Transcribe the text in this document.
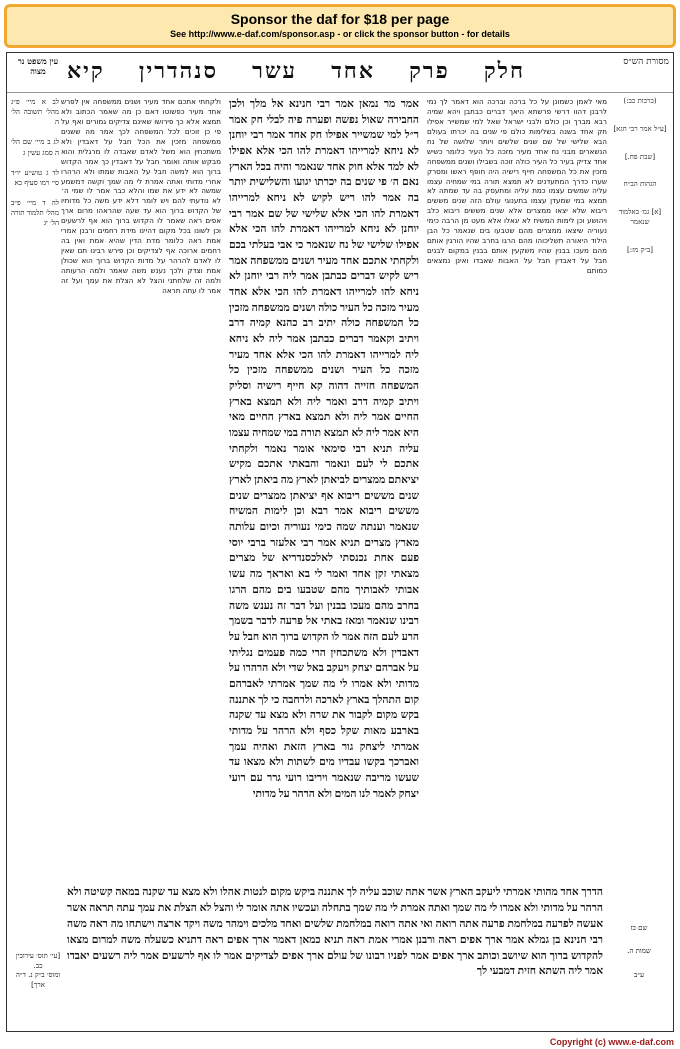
Sponsor the daf for $18 per page
See http://www.e-daf.com/sponsor.asp - or click the sponsor button - for details
מסורת הש״ס
חלק
פרק
אחד
עשר
סנהדרין
קיא
עין משפט נר מצוה
(ברכות כב:)
[ע״ל אמר רבי חגא]
[שבת פח.]
הגהות הב״ח
[א] גמ׳ באלמוד שנאמר
[ב״ק מז:]

מאי לאמן כשמונן על כל ברכה וברכה הוא דאמר לך נמי לרבנן דהוו דרשי פרשתא היאך דברים כבתבן ויהא שמיה רבא מברך וכן כולם ולבני ישראל שאל למי שמשייר אפילו חק אחד בשנה בשלימות כולם פי שנים בה יכרתו בעולם הבא שלישי של שם שנים שלשים ויותר שלושה של נח הנשארים מבני נח אחד מעיר מזכה כל העיר כלומר כשיש אחד צדיק בעיר כל העיר כולה זוכה בשבילו ושנים ממשפחה מזכין את כל המשפחה חייף רישיה היה חופף ראשו ומסרק שערו כדרך המתעדנים לא תמצא תורה במי שמחיה עצמו עליה שמשים עצמו כמת עליה ומתעסק בה עד שמתה לא תמצא במי שמעדן עצמו בתענוגי עולם הזה שנים מששים ריבוא שלא יצאו ממצרים אלא שנים מששים ריבוא כלב ויהושע וכן לימות המשיח לא יגאלו אלא מעט מן הרבה כימי נעוריה שיצאו ממצרים מהם שטבעו בים שנאמר כל הבן הילוד היאורה תשליכוהו מהם הרגו בחרב שהיו הורגין אותם מהם מעכו בבנין שהיו משקעין אותם בבנין במקום לבנים חבל על דאבדין חבל על האבות שאבדו ואינן נמצאים כמותם

אמר מר נמאן אמר רבי חנינא אל מלך ולכן החבירה שאול נפשה ופערה פיה לבלי חק אמר ר״ל למי שמשייר אפילו חק אחד אמר רבי יוחנן לא ניחא למרייהו דאמרת להו הכי אלא אפילו לא למד אלא חוק אחד שנאמר והיה בכל הארץ נאם ה׳ פי שנים בה יכרתו יגועו והשלישית יותר בה אמר להו ריש לקיש לא ניחא למרייהו דאמרת להו הכי אלא שלישי של שם אמר רבי יוחנן לא ניחא למרייהו דאמרת להו הכי אלא אפילו שלישי של נח שנאמר כי אבי בעלתי בכם ולקחתי אתכם אחד מעיר ושנים ממשפחה אמר ריש לקיש דברים כבתבן אמר ליה רבי יוחנן לא ניחא להו למרייהו דאמרת להו הכי אלא אחד מעיר מזכה כל העיר כולה ושנים ממשפחה מזכין כל המשפחה כולה יתיב רב כהנא קמיה דרב ויתיב וקאמר דברים כבתבן אמר ליה לא ניחא ליה למרייהו דאמרת להו הכי אלא אחד מעיר מזכה כל העיר ושנים ממשפחה מזכין כל המשפחה חזייה דהוה קא חייף רישיה וסליק ויתיב קמיה דרב ואמר ליה ולא תמצא בארץ החיים אמר ליה ולא תמצא בארץ החיים מאי היא אמר ליה לא תמצא תורה במי שמחיה עצמו עליה תניא רבי סימאי אומר נאמר ולקחתי אתכם לי לעם ונאמר והבאתי אתכם מקיש יציאתם ממצרים לביאתן לארץ מה ביאתן לארץ שנים מששים ריבוא אף יציאתן ממצרים שנים מששים ריבוא אמר רבא וכן לימות המשיח שנאמר וענתה שמה כימי נעוריה וכיום עלותה מארץ מצרים תניא אמר רבי אלעזר ברבי יוסי פעם אחת נכנסתי לאלכסנדריא של מצרים מצאתי זקן אחד ואמר לי בא ואראך מה עשו אבותי לאבותיך מהם שטבעו בים מהם הרגו בחרב מהם מעכו בבנין ועל דבר זה נענש משה רבינו שנאמר ומאז באתי אל פרעה לדבר בשמך הרע לעם הזה אמר לו הקדוש ברוך הוא חבל על דאבדין ולא משתכחין הרי כמה פעמים נגליתי על אברהם יצחק ויעקב באל שדי ולא הרהרו על מדותי ולא אמרו לי מה שמך אמרתי לאברהם קום התהלך בארץ לארכה ולרחבה כי לך אתננה בקש מקום לקבור את שרה ולא מצא עד שקנה בארבע מאות שקל כסף ולא הרהר על מדותי אמרתי ליצחק גור בארץ הזאת ואהיה עמך ואברכך בקשו עבדיו מים לשתות ולא מצאו עד שעשו מריבה שנאמר ויריבו רועי גרר עם רועי יצחק לאמר לנו המים ולא הרהר על מדותי

ולקחתי אתכם אחד מעיר ושנים ממשפחה אין לפרש אחד מעיר כפשוטו דאם כן מה שאמר הכתוב ולא תמצא אלא כך פירושו שאינם צדיקים גמורים ואף על פי כן זוכים לכל המשפחה לכך אמר מה ששנים ממשפחה מזכין את הכל חבל על דאבדין ולא משתכחין הוא משל לאדם שאבדה לו מרגלית והוא מבקש אותה ואומר חבל על דאבדין כך אמר הקדוש ברוך הוא למשה חבל על האבות שמתו ולא הרהרו אחרי מדותי ואתה אמרת לי מה שמך וקשה דמשמע שמשה לא ידע את שמו והלא כבר אמר לו שמי ה׳ לא נודעתי להם ויש לומר דלא ידע משה כל מדותיו של הקדוש ברוך הוא עד שעה שהראהו מרום ארך אפים ראה שאמר לו הקדוש ברוך הוא אף לרשעים וכן לשונו בכל מקום דהיינו מידת רחמים ורבנן אמרי אמת ראה כלומר מדת הדין שהיא אמת ואין בה רחמים ארוכה אף לצדיקים וכן פירש רבינו תם שאין לו לאדם להרהר על מדות הקדוש ברוך הוא שכולן אמת וצדק ולכך נענש משה שאמר ולמה הרעותה ולמה זה שלחתני והצל לא הצלת את עמך ועל זה אמר לו עתה תראה

לב א מיי׳ פ״ג מהל׳ תשובה הל׳ ה
לג ב מיי׳ שם הל׳ ה סמג עשין ג
לד ג טוש״ע יו״ד סי׳ רמו סעיף כא
לה ד מיי׳ פ״ב מהל׳ תלמוד תורה הל׳ יג
שם כז
שמות ה.
ע״ב
הדרך אחד מהותי אמרתי ליעקב הארץ אשר אתה שוכב עליה לך אתננה ביקש מקום לנטות אהלו ולא מצא עד שקנה במאה קשיטה ולא הרהר על מדותי ולא אמרו לי מה שמך ואתה אמרת לי מה שמך בתחלה ועכשיו אתה אומר לי והצל לא הצלת את עמך עתה תראה אשר אעשה לפרעה במלחמת פרעה אתה רואה ואי אתה רואה במלחמת שלשים ואחד מלכים וימהר משה ויקד ארצה וישתחו מה ראה משה רבי חנינא בן גמלא אמר ארך אפים ראה ורבנן אמרי אמת ראה תניא כמאן דאמר ארך אפים ראה דתניא כשעלה משה למרום מצאו להקדוש ברוך הוא שיושב וכותב ארך אפים אמר לפניו רבונו של עולם ארך אפים לצדיקים אמר לו אף לרשעים אמר ליה רשעים יאבדו אמר ליה השתא חזית דמבעי לך
[עי׳ תוס׳ עירובין כב.
ומוס׳ ב״ק נ. ד״ה ארך]
Copyright (c) www.e-daf.com
